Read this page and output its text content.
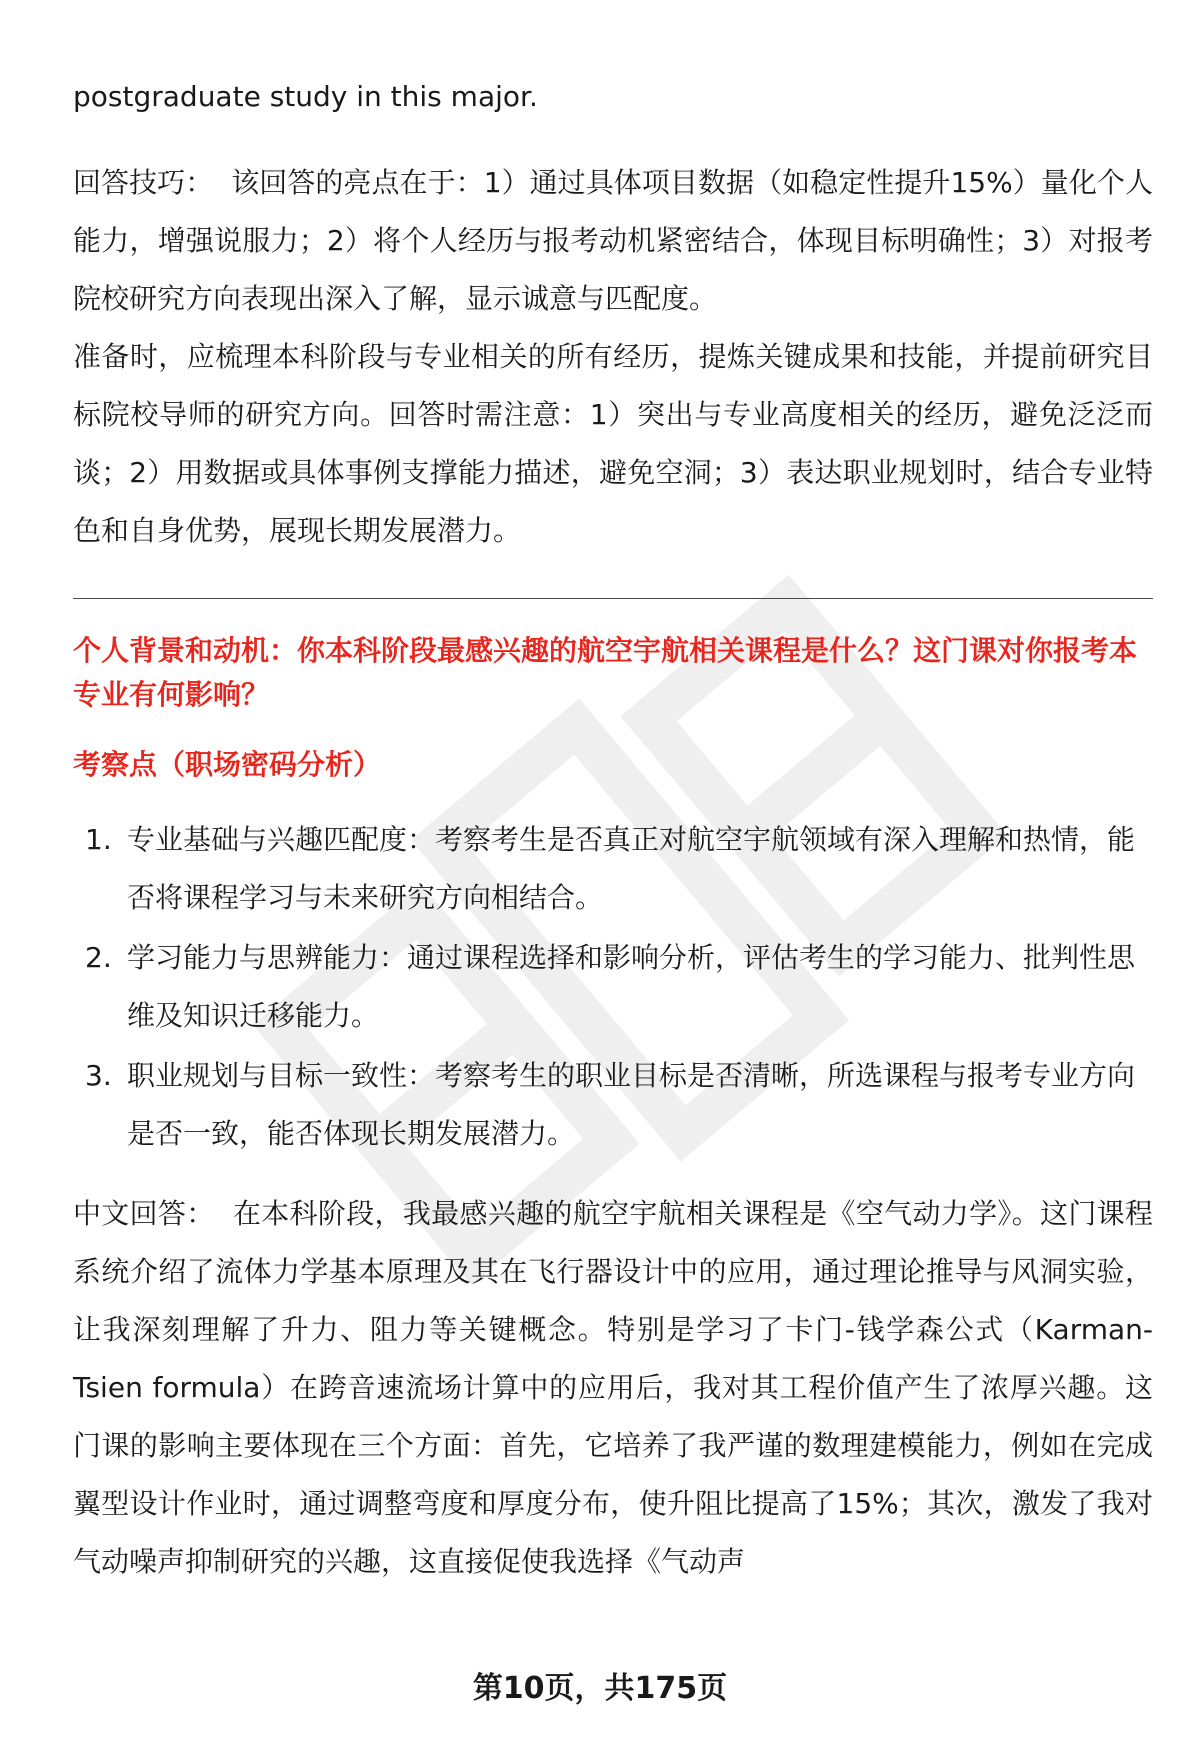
postgraduate study in this major.

回答技巧： 该回答的亮点在于：1）通过具体项目数据（如稳定性提升15%）量化个人能力，增强说服力；2）将个人经历与报考动机紧密结合，体现目标明确性；3）对报考院校研究方向表现出深入了解，显示诚意与匹配度。

准备时，应梳理本科阶段与专业相关的所有经历，提炼关键成果和技能，并提前研究目标院校导师的研究方向。回答时需注意：1）突出与专业高度相关的经历，避免泛泛而谈；2）用数据或具体事例支撑能力描述，避免空洞；3）表达职业规划时，结合专业特色和自身优势，展现长期发展潜力。

个人背景和动机：你本科阶段最感兴趣的航空宇航相关课程是什么？这门课对你报考本专业有何影响？

考察点（职场密码分析）

1. 专业基础与兴趣匹配度：考察考生是否真正对航空宇航领域有深入理解和热情，能否将课程学习与未来研究方向相结合。
2. 学习能力与思辨能力：通过课程选择和影响分析，评估考生的学习能力、批判性思维及知识迁移能力。
3. 职业规划与目标一致性：考察考生的职业目标是否清晰，所选课程与报考专业方向是否一致，能否体现长期发展潜力。

中文回答： 在本科阶段，我最感兴趣的航空宇航相关课程是《空气动力学》。这门课程系统介绍了流体力学基本原理及其在飞行器设计中的应用，通过理论推导与风洞实验，让我深刻理解了升力、阻力等关键概念。特别是学习了卡门-钱学森公式（Karman-Tsien formula）在跨音速流场计算中的应用后，我对其工程价值产生了浓厚兴趣。这门课的影响主要体现在三个方面：首先，它培养了我严谨的数理建模能力，例如在完成翼型设计作业时，通过调整弯度和厚度分布，使升阻比提高了15%；其次，激发了我对气动噪声抑制研究的兴趣，这直接促使我选择《气动声

第10页，共175页
